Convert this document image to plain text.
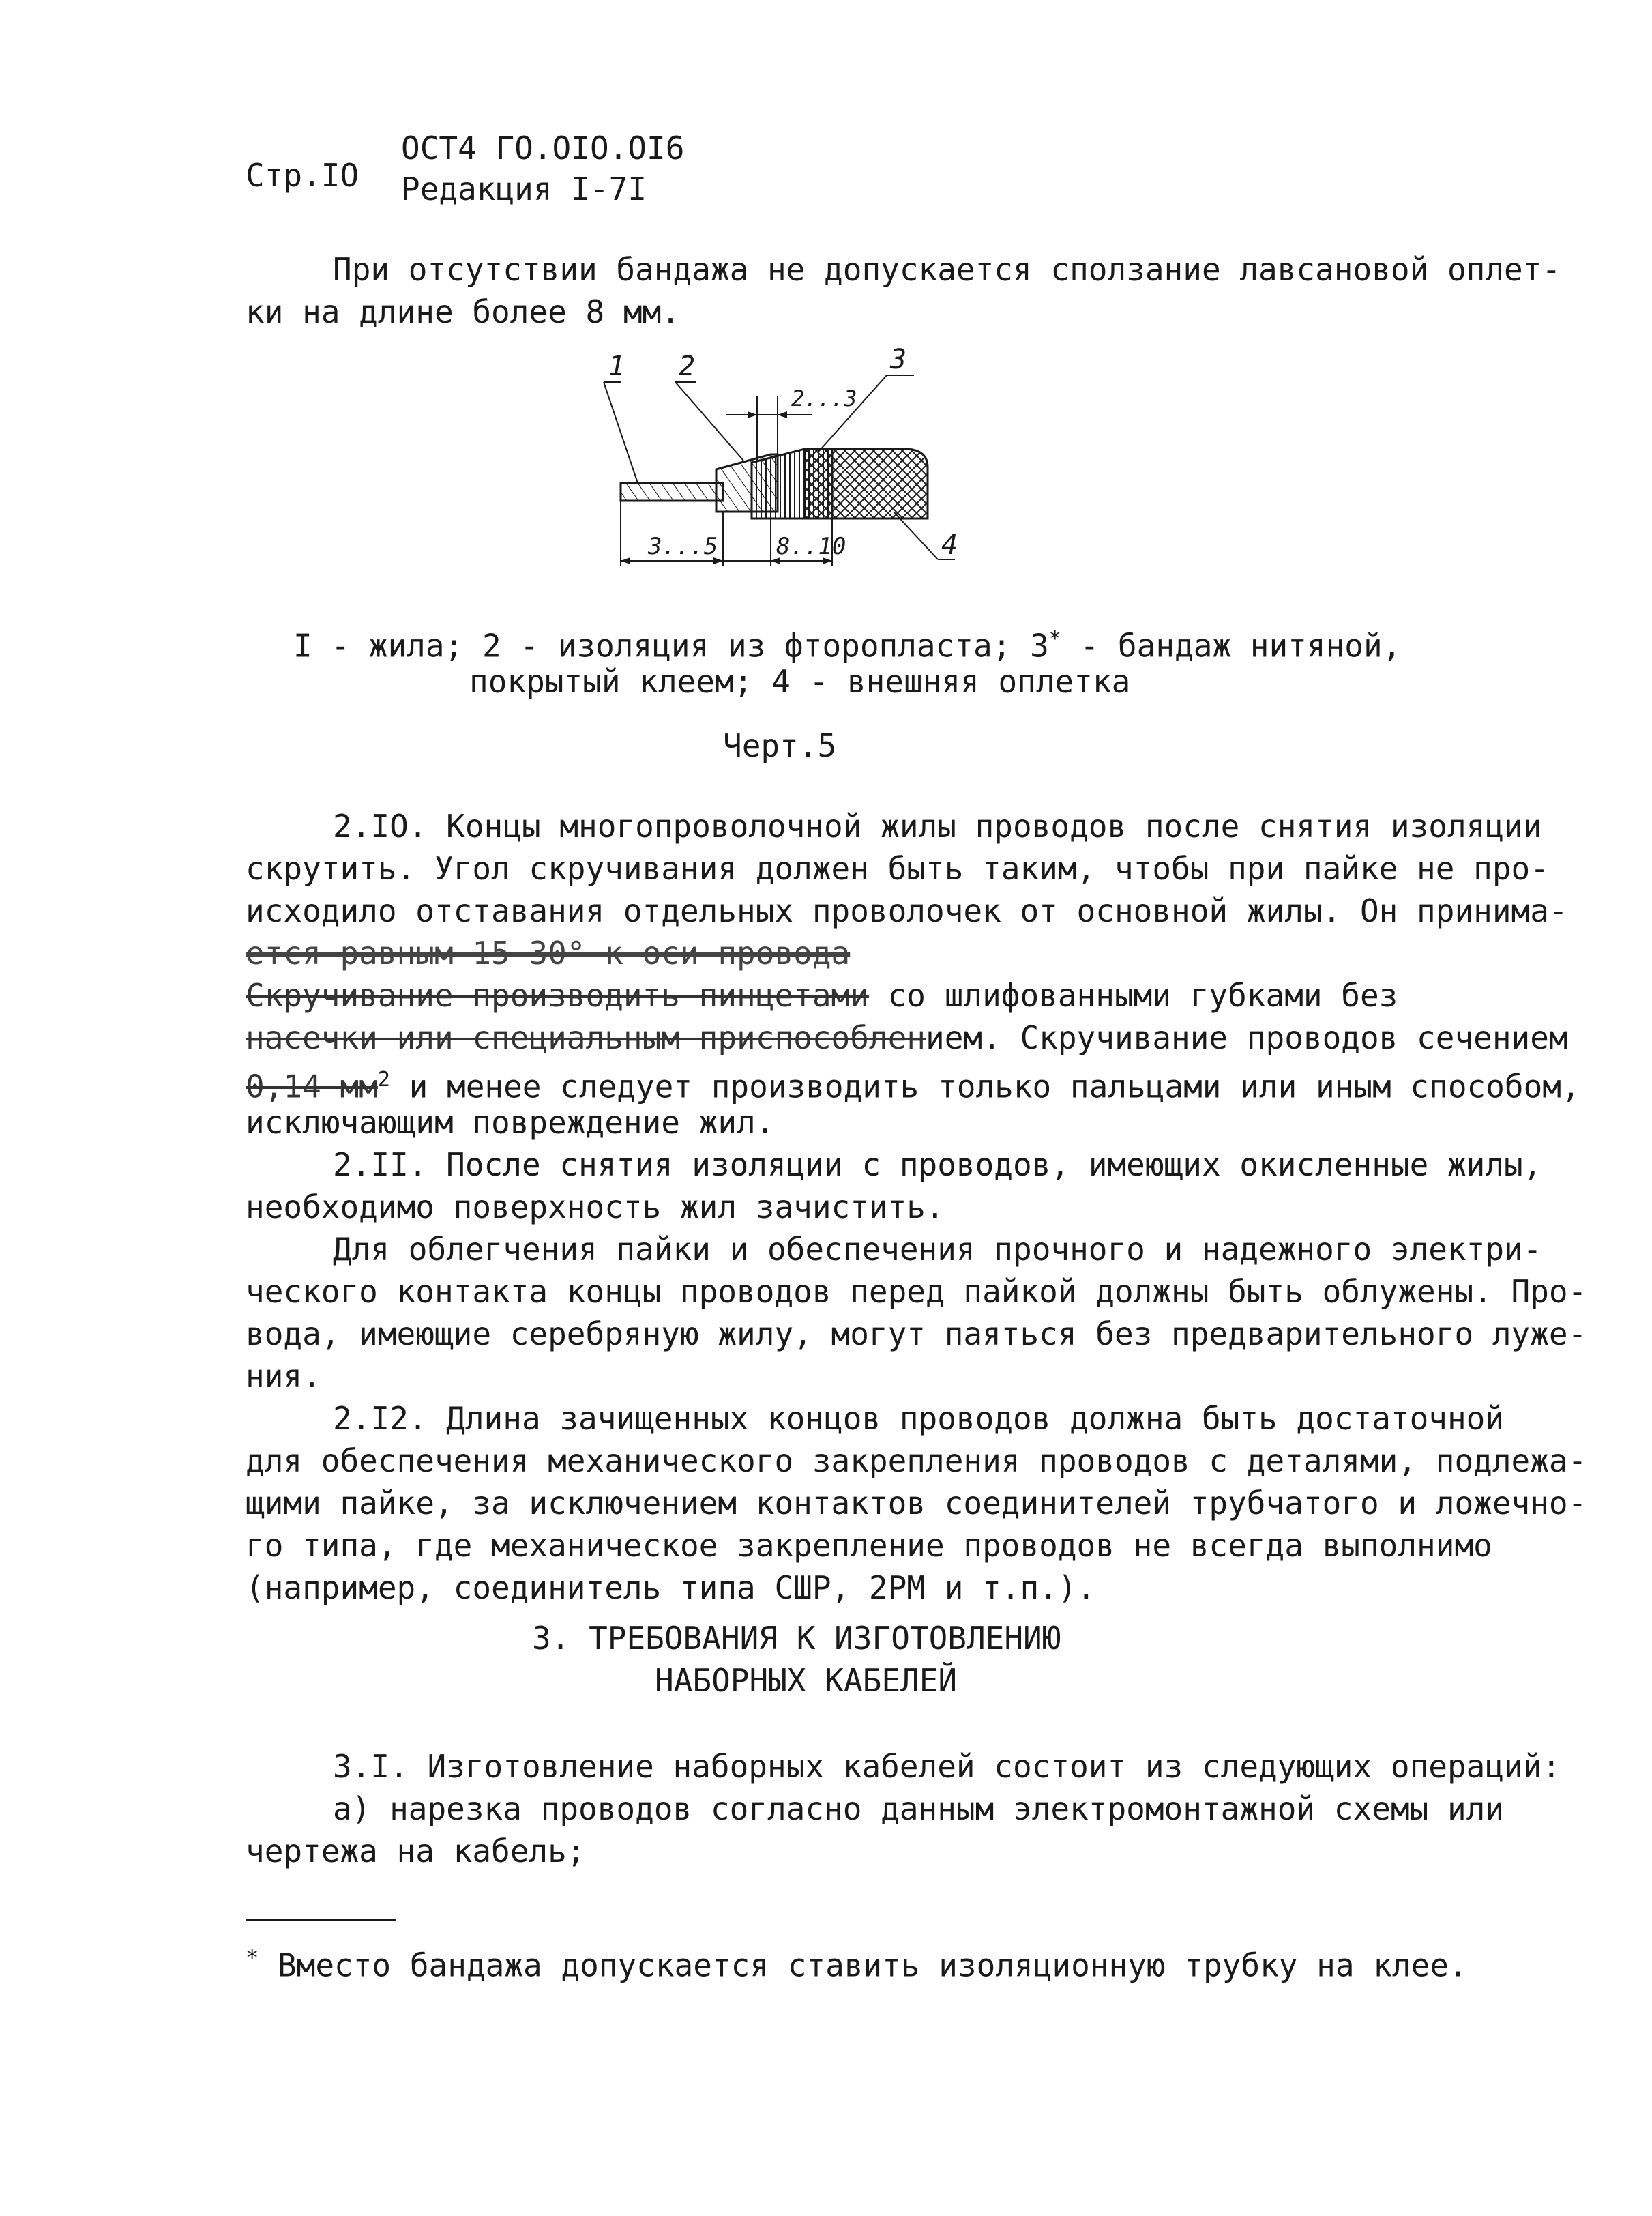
Стр.IO
ОСТ4 ГО.ОIО.OI6
Редакция I-7I
При отсутствии бандажа не допускается сползание лавсановой оплет-
ки на длине более 8 мм.
1 2	3
4
2...3
3...5	8..10
I - жила; 2 - изоляция из фторопласта; 3* - бандаж нитяной,
покрытый клеем; 4 - внешняя оплетка
Черт.5
2.IO. Концы многопроволочной жилы проводов после снятия изоляции
скрутить. Угол скручивания должен быть таким, чтобы при пайке не про-
исходило отставания отдельных проволочек от основной жилы. Он принима-
ется равным 15-30° к оси провода
Скручивание производить пинцетами со шлифованными губками без
насечки или специальным приспособлением. Скручивание проводов сечением
0,14 $мм^2$ и менее следует производить только пальцами или иным способом,
исключающим повреждение жил.
2.II. После снятия изоляции с проводов, имеющих окисленные жилы,
необходимо поверхность жил зачистить.
Для облегчения пайки и обеспечения прочного и надежного электри-
ческого контакта концы проводов перед пайкой должны быть облужены. Про-
вода, имеющие серебряную жилу, могут паяться без предварительного луже-
ния.
2.I2. Длина зачищенных концов проводов должна быть достаточной
для обеспечения механического закрепления проводов с деталями, подлежа-
щими пайке, за исключением контактов соединителей трубчатого и ложечно-
го типа, где механическое закрепление проводов не всегда выполнимо
(например, соединитель типа СШР, 2РМ и т.п.).
3. ТРЕБОВАНИЯ К ИЗГОТОВЛЕНИЮ
НАБОРНЫХ КАБЕЛЕЙ
3.I. Изготовление наборных кабелей состоит из следующих операций:
а) нарезка проводов согласно данным электромонтажной схемы или
чертежа на кабель;
* Вместо бандажа допускается ставить изоляционную трубку на клее.
